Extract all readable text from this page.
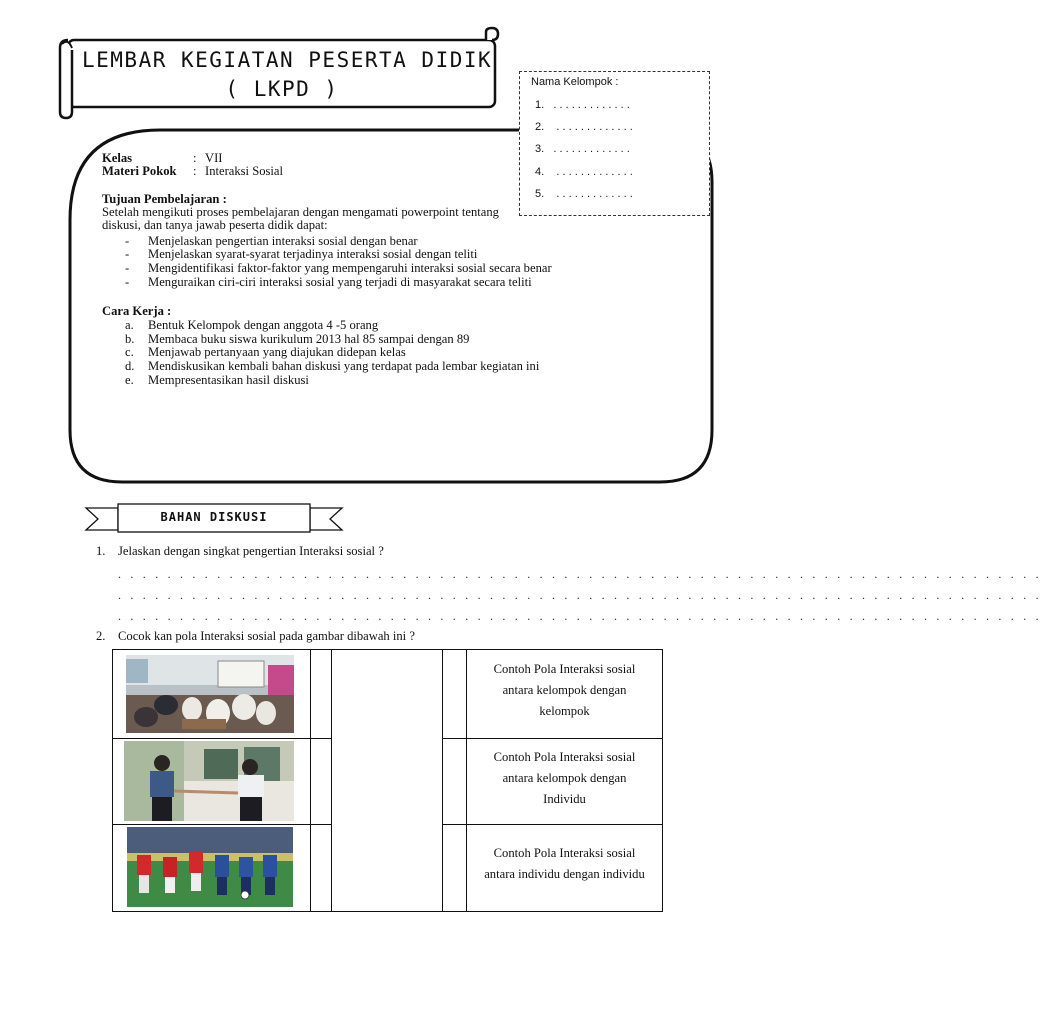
LEMBAR KEGIATAN PESERTA DIDIK
( LKPD )
Kelas	: VII
Materi Pokok : Interaksi Sosial
Tujuan Pembelajaran :
Setelah mengikuti proses pembelajaran dengan mengamati powerpoint tentang
diskusi, dan tanya jawab peserta didik dapat:
- Menjelaskan pengertian interaksi sosial dengan benar
- Menjelaskan syarat-syarat terjadinya interaksi sosial dengan teliti
- Mengidentifikasi faktor-faktor yang mempengaruhi interaksi sosial secara benar
- Menguraikan ciri-ciri interaksi sosial yang terjadi di masyarakat secara teliti
Cara Kerja :
a. Bentuk Kelompok dengan anggota 4 -5 orang
b. Membaca buku siswa kurikulum 2013 hal 85 sampai dengan 89
c. Menjawab pertanyaan yang diajukan didepan kelas
d. Mendiskusikan kembali bahan diskusi yang terdapat pada lembar kegiatan ini
e. Mempresentasikan hasil diskusi
Nama Kelompok :
1. . . . . . . . . . . . . .
2. . . . . . . . . . . . . .
3. . . . . . . . . . . . . .
4. . . . . . . . . . . . . .
5. . . . . . . . . . . . . .
BAHAN DISKUSI
1. Jelaskan dengan singkat pengertian Interaksi sosial ?
. . . . . . . . . . . . . . . . . . . . . . . . . . . . . . . . . . . . . . . . . . . . . . . . . . . . . . . . . . . . . . . . . . . . . . . . . . .
. . . . . . . . . . . . . . . . . . . . . . . . . . . . . . . . . . . . . . . . . . . . . . . . . . . . . . . . . . . . . . . . . . . . . . . . . . .
. . . . . . . . . . . . . . . . . . . . . . . . . . . . . . . . . . . . . . . . . . . . . . . . . . . . . . . . . . . . . . . . . . . . . . . . . . .
2. Cocok kan pola Interaksi sosial pada gambar dibawah ini ?
Contoh Pola Interaksi sosial
antara kelompok dengan
kelompok
Contoh Pola Interaksi sosial
antara kelompok dengan
Individu
Contoh Pola Interaksi sosial
antara individu dengan individu
